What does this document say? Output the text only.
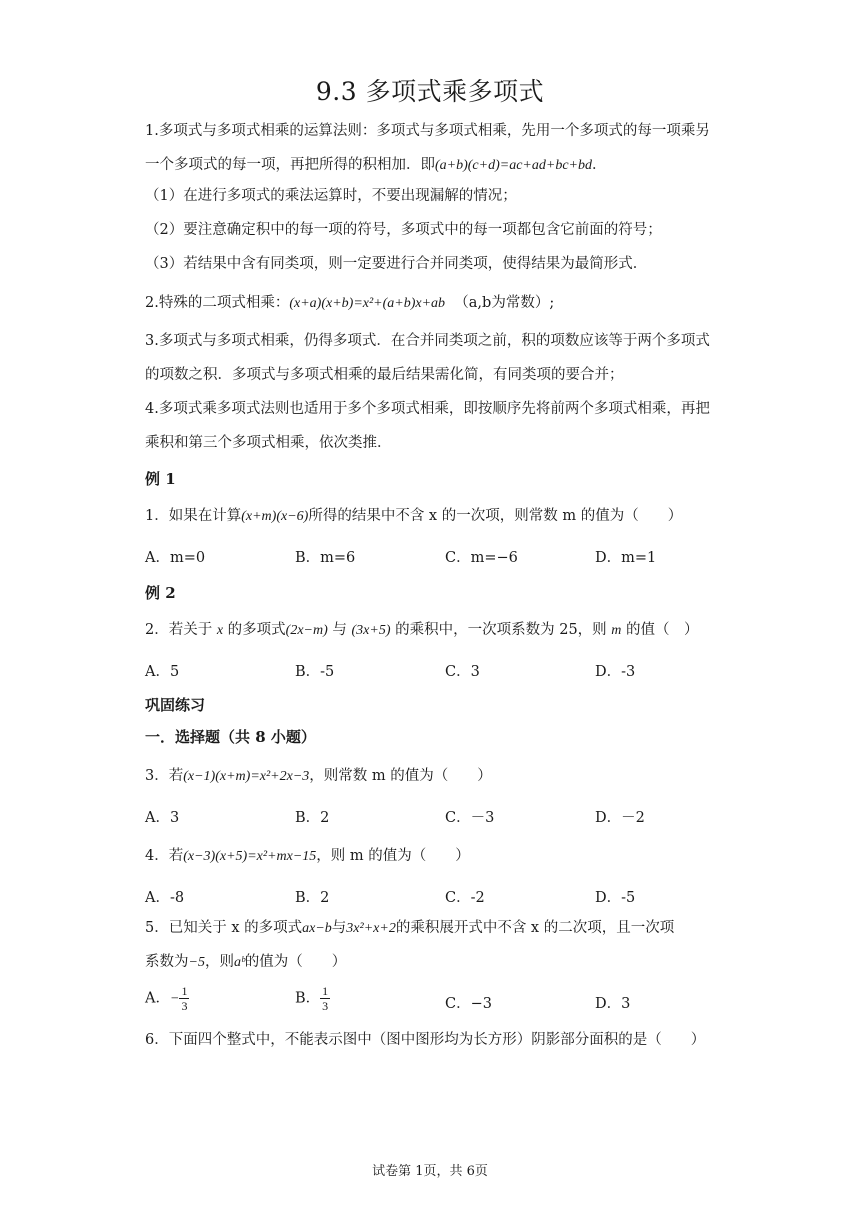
9.3 多项式乘多项式
1.多项式与多项式相乘的运算法则：多项式与多项式相乘，先用一个多项式的每一项乘另一个多项式的每一项，再把所得的积相加．即(a+b)(c+d)=ac+ad+bc+bd．
（1）在进行多项式的乘法运算时，不要出现漏解的情况；
（2）要注意确定积中的每一项的符号，多项式中的每一项都包含它前面的符号；
（3）若结果中含有同类项，则一定要进行合并同类项，使得结果为最简形式．
2.特殊的二项式相乘：(x+a)(x+b)=x²+(a+b)x+ab （a,b为常数）;
3.多项式与多项式相乘，仍得多项式．在合并同类项之前，积的项数应该等于两个多项式的项数之积．多项式与多项式相乘的最后结果需化简，有同类项的要合并；
4.多项式乘多项式法则也适用于多个多项式相乘，即按顺序先将前两个多项式相乘，再把乘积和第三个多项式相乘，依次类推．
例 1
1．如果在计算(x+m)(x−6)所得的结果中不含 x 的一次项，则常数 m 的值为（　　）
A．m=0	B．m=6	C．m=−6	D．m=1
例 2
2．若关于 x 的多项式(2x−m) 与 (3x+5) 的乘积中，一次项系数为 25，则 m 的值（　）
A．5	B．-5	C．3	D．-3
巩固练习
一．选择题（共 8 小题）
3．若(x−1)(x+m)=x²+2x−3，则常数 m 的值为（　　）
A．3	B．2	C．－3	D．－2
4．若(x−3)(x+5)=x²+mx−15，则 m 的值为（　　）
A．-8	B．2	C．-2	D．-5
5．已知关于 x 的多项式ax−b与3x²+x+2的乘积展开式中不含 x 的二次项，且一次项
系数为−5，则aᵇ的值为（　　）
A．− $\frac{1}{3}$	B． $\frac{1}{3}$	C．−3	D．3
6．下面四个整式中，不能表示图中（图中图形均为长方形）阴影部分面积的是（　　）
试卷第 1页，共 6页
